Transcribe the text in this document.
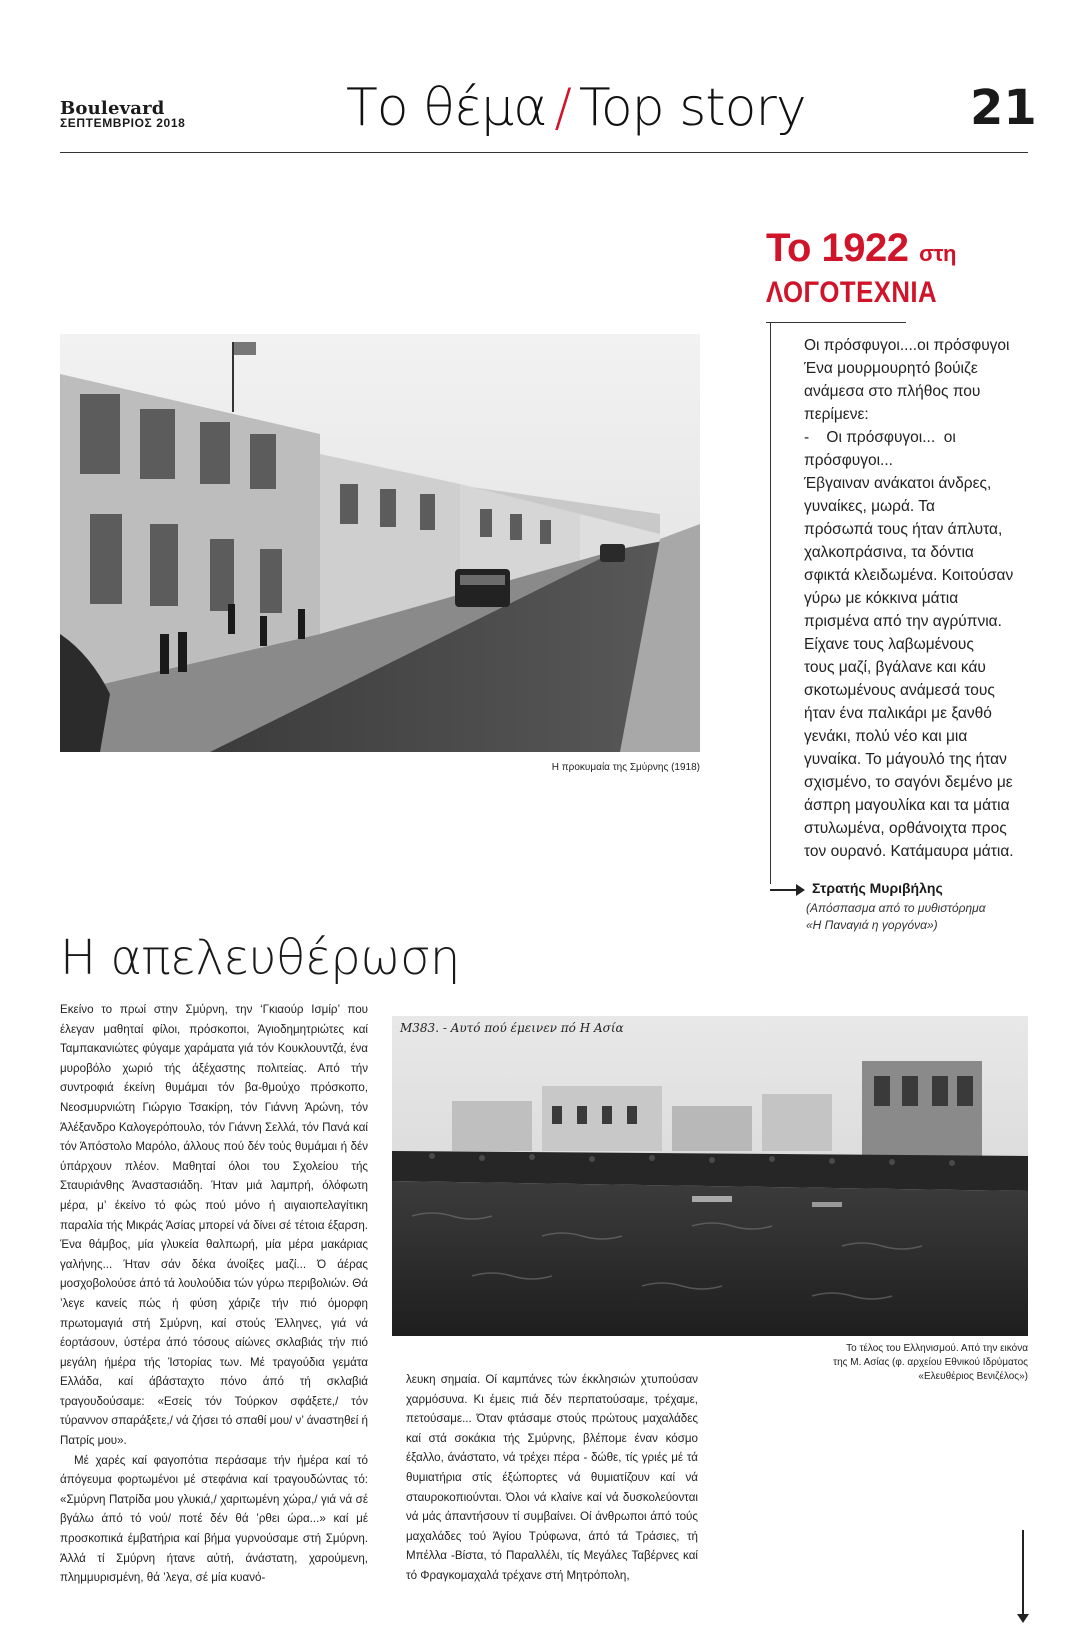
Boulevard
ΣΕΠΤΕΜΒΡΙΟΣ 2018	Το θέμα / Top story	21
Η προκυμαία της Σμύρνης (1918)
Το 1922 στη
ΛΟΓΟΤΕΧΝΙΑ

Οι πρόσφυγοι....οι πρόσφυγοι

Ένα μουρμουρητό βούιζε

ανάμεσα στο πλήθος που

περίμενε:

-    Οι πρόσφυγοι...  οι

πρόσφυγοι...

Έβγαιναν ανάκατοι άνδρες,

γυναίκες, μωρά. Τα

πρόσωπά τους ήταν άπλυτα,

χαλκοπράσινα, τα δόντια

σφικτά κλειδωμένα. Κοιτούσαν

γύρω με κόκκινα μάτια

πρισμένα από την αγρύπνια.

Είχανε τους λαβωμένους

τους μαζί, βγάλανε και κάυ

σκοτωμένους ανάμεσά τους

ήταν ένα παλικάρι με ξανθό

γενάκι, πολύ νέο και μια

γυναίκα. Το μάγουλό της ήταν

σχισμένο, το σαγόνι δεμένο με

άσπρη μαγουλίκα και τα μάτια

στυλωμένα, ορθάνοιχτα προς

τον ουρανό. Κατάμαυρα μάτια.

Στρατής Μυριβήλης
(Απόσπασμα από το μυθιστόρημα
«Η Παναγιά η γοργόνα»)
Η απελευθέρωση

Εκείνο το πρωί στην Σμύρνη, την ‘Γκιαούρ Ισμίρ’ που έλεγαν μαθηταί φίλοι, πρόσκοποι, Άγιοδημητριώτες καί Ταμπακανιώτες φύγαμε χαράματα γιά τόν Κουκλουντζά, ένα μυροβόλο χωριό τής άξέχαστης πολιτείας. Από τήν συντροφιά έκείνη θυμάμαι τόν βα-θμούχο πρόσκοπο, Νεοσμυρνιώτη Γιώργιο Τσακίρη, τόν Γιάννη Άρώνη, τόν Άλέξανδρο Καλογερόπουλο, τόν Γιάννη Σελλά, τόν Πανά καί τόν Άπόστολο Μαρόλο, άλλους πού δέν τούς θυμάμαι ή δέν ύπάρχουν πλέον. Μαθηταί όλοι του Σχολείου τής Σταυριάνθης Άναστασιάδη. Ήταν μιά λαμπρή, όλόφωτη μέρα, μ’ έκείνο τό φώς πού μόνο ή αιγαιοπελαγίτικη παραλία τής Μικράς Άσίας μπορεί νά δίνει σέ τέτοια έξαρση. Ένα θάμβος, μία γλυκεία θαλπωρή, μία μέρα μακάριας γαλήνης... Ήταν σάν δέκα άνοίξες μαζί... Ό άέρας μοσχοβολούσε άπό τά λουλούδια τών γύρω περιβολιών. Θά ’λεγε κανείς πώς ή φύση χάριζε τήν πιό όμορφη πρωτομαγιά στή Σμύρνη, καί στούς Έλληνες, γιά νά έορτάσουν, ύστέρα άπό τόσους αίώνες σκλαβιάς τήν πιό μεγάλη ήμέρα τής Ίστορίας των. Μέ τραγούδια γεμάτα Ελλάδα, καί άβάσταχτο πόνο άπό τή σκλαβιά τραγουδούσαμε: «Εσείς τόν Τούρκον σφάξετε,/ τόν τύραννον σπαράξετε,/ νά ζήσει τό σπαθί μου/ ν’ άναστηθεί ή Πατρίς μου».

Μέ χαρές καί φαγοπότια περάσαμε τήν ήμέρα καί τό άπόγευμα φορτωμένοι μέ στεφάνια καί τραγουδώντας τό: «Σμύρνη Πατρίδα μου γλυκιά,/ χαριτωμένη χώρα,/ γιά νά σέ βγάλω άπό τό νού/ ποτέ δέν θά ’ρθει ώρα...» καί μέ προσκοπικά έμβατήρια καί βήμα γυρνούσαμε στή Σμύρνη. Άλλά τί Σμύρνη ήτανε αύτή, άνάστατη, χαρούμενη, πλημμυρισμένη, θά ’λεγα, σέ μία κυανό-

Μ383. - Αυτό πού έμεινεν πό Η Ασία
Το τέλος του Ελληνισμού. Από την εικόνα
της Μ. Ασίας (φ. αρχείου Εθνικού Ιδρύματος
«Ελευθέριος Βενιζέλος»)

λευκη σημαία. Οί καμπάνες τών έκκλησιών χτυπούσαν χαρμόσυνα. Κι έμεις πιά δέν περπατούσαμε, τρέχαμε, πετούσαμε... Όταν φτάσαμε στούς πρώτους μαχαλάδες καί στά σοκάκια τής Σμύρνης, βλέπομε έναν κόσμο έξαλλο, άνάστατο, νά τρέχει πέρα - δώθε, τίς γριές μέ τά θυμιατήρια στίς έξώπορτες νά θυμιατίζουν καί νά σταυροκοπιούνται. Όλοι νά κλαίνε καί νά δυσκολεύονται νά μάς άπαντήσουν τί συμβαίνει. Οί άνθρωποι άπό τούς μαχαλάδες τού Άγίου Τρύφωνα, άπό τά Τράσιες, τή Μπέλλα -Βίστα, τό Παραλλέλι, τίς Μεγάλες Ταβέρνες καί τό Φραγκομαχαλά τρέχανε στή Μητρόπολη,
